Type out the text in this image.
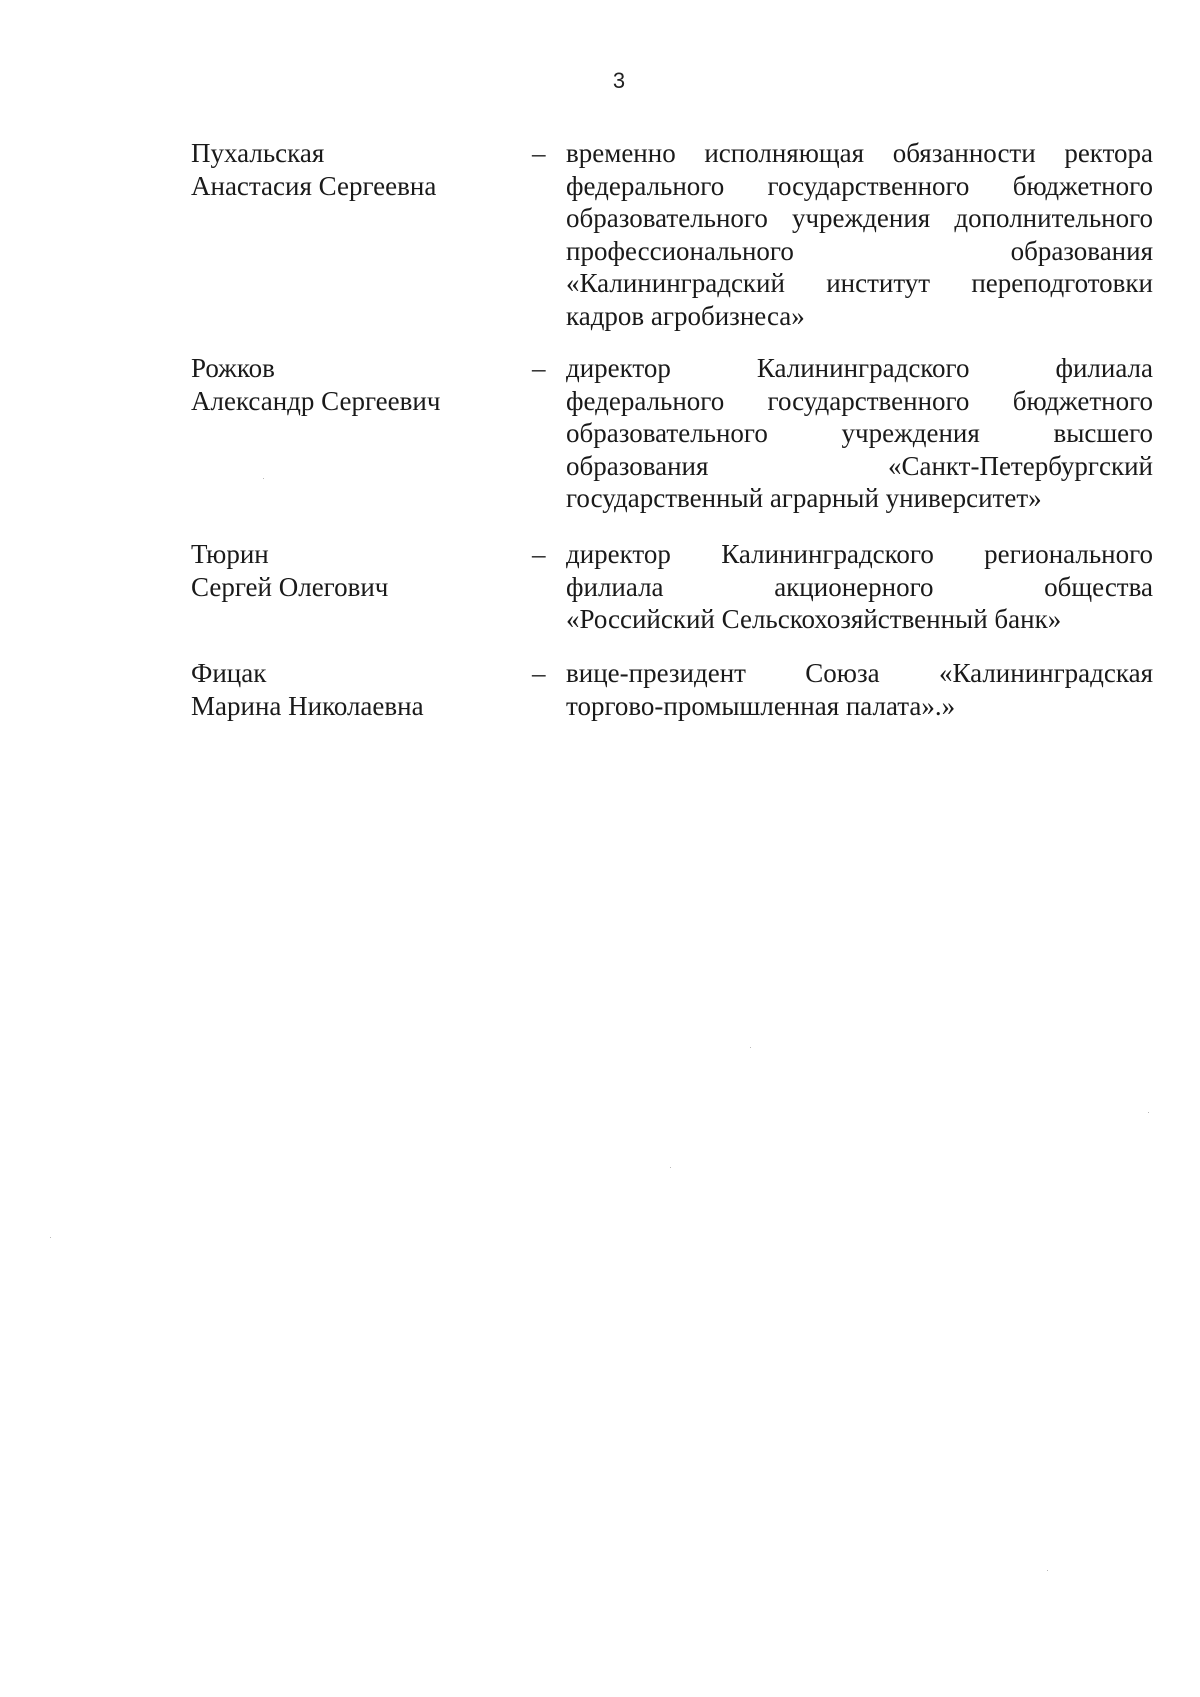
3
Пухальская
Анастасия Сергеевна
– временно исполняющая обязанности ректора
федерального государственного бюджетного
образовательного учреждения дополнительного
профессионального образования
«Калининградский институт переподготовки
кадров агробизнеса»
Рожков
Александр Сергеевич
– директор Калининградского филиала
федерального государственного бюджетного
образовательного учреждения высшего
образования «Санкт-Петербургский
государственный аграрный университет»
Тюрин
Сергей Олегович
– директор Калининградского регионального
филиала акционерного общества
«Российский Сельскохозяйственный банк»
Фицак
Марина Николаевна
– вице-президент Союза «Калининградская
торгово-промышленная палата».»
